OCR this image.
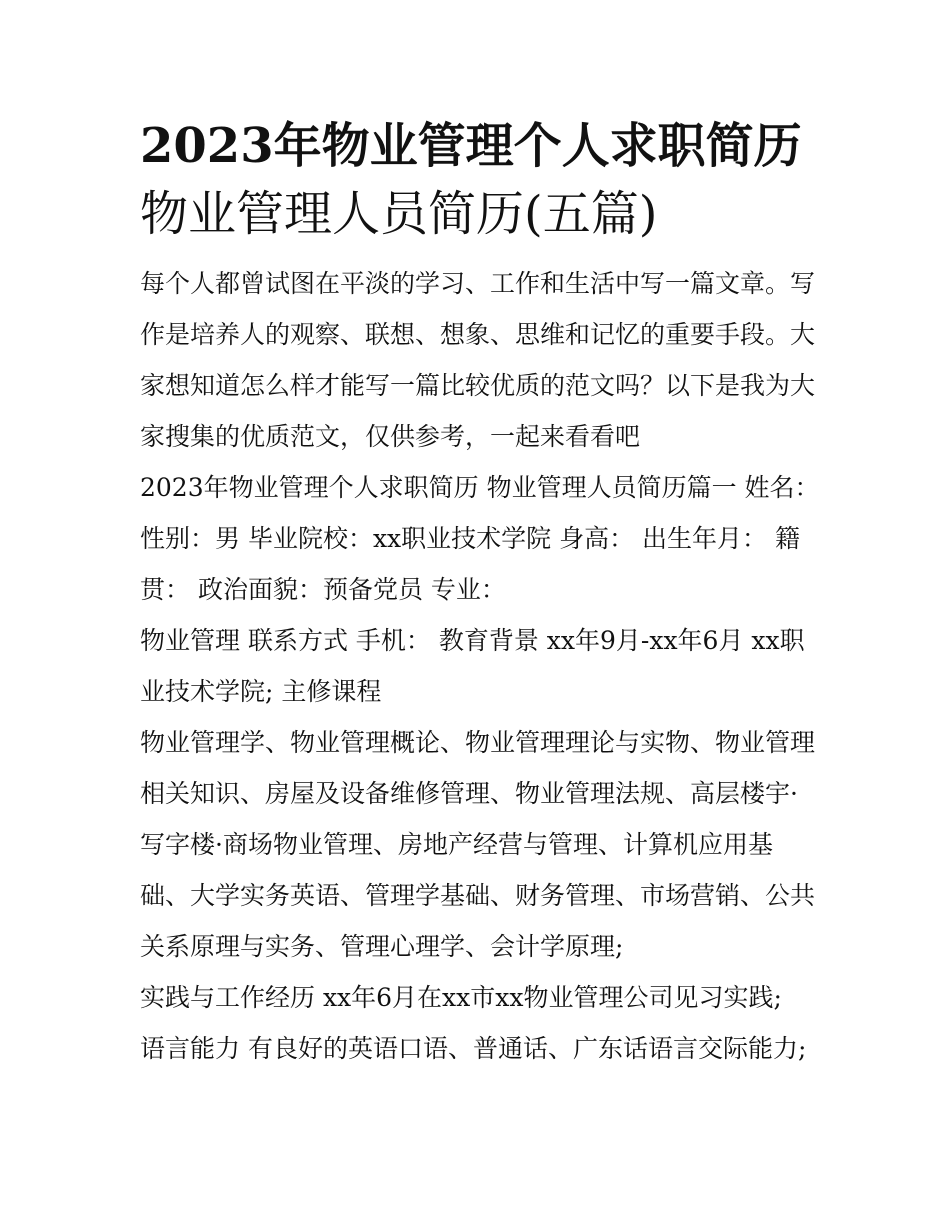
2023年物业管理个人求职简历
物业管理人员简历(五篇)

每个人都曾试图在平淡的学习、工作和生活中写一篇文章。写
作是培养人的观察、联想、想象、思维和记忆的重要手段。大
家想知道怎么样才能写一篇比较优质的范文吗？以下是我为大
家搜集的优质范文，仅供参考，一起来看看吧

2023年物业管理个人求职简历 物业管理人员简历篇一 姓名：
性别：男 毕业院校：xx职业技术学院 身高： 出生年月： 籍
贯： 政治面貌：预备党员 专业：

物业管理 联系方式 手机： 教育背景 xx年9月-xx年6月 xx职
业技术学院; 主修课程

物业管理学、物业管理概论、物业管理理论与实物、物业管理
相关知识、房屋及设备维修管理、物业管理法规、高层楼宇·
写字楼·商场物业管理、房地产经营与管理、计算机应用基
础、大学实务英语、管理学基础、财务管理、市场营销、公共
关系原理与实务、管理心理学、会计学原理;

实践与工作经历 xx年6月在xx市xx物业管理公司见习实践;

语言能力 有良好的英语口语、普通话、广东话语言交际能力;
